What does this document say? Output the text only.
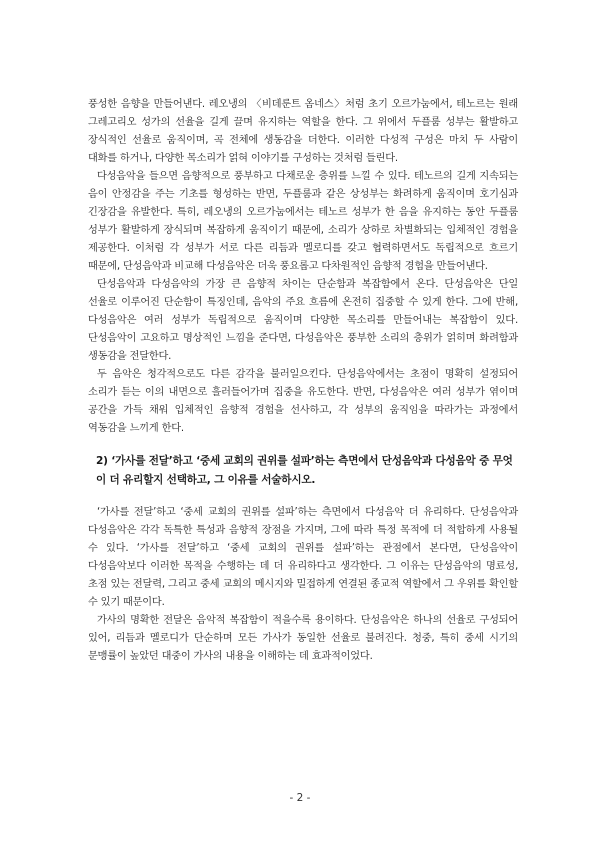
풍성한 음향을 만들어낸다. 레오냉의 〈비데룬트 옴네스〉처럼 초기 오르가눔에서, 테노르는 원래 그레고리오 성가의 선율을 길게 끌며 유지하는 역할을 한다. 그 위에서 두플룸 성부는 활발하고 장식적인 선율로 움직이며, 곡 전체에 생동감을 더한다. 이러한 다성적 구성은 마치 두 사람이 대화를 하거나, 다양한 목소리가 얽혀 이야기를 구성하는 것처럼 들린다.

다성음악을 들으면 음향적으로 풍부하고 다채로운 층위를 느낄 수 있다. 테노르의 길게 지속되는 음이 안정감을 주는 기초를 형성하는 반면, 두플룸과 같은 상성부는 화려하게 움직이며 호기심과 긴장감을 유발한다. 특히, 레오냉의 오르가눔에서는 테노르 성부가 한 음을 유지하는 동안 두플룸 성부가 활발하게 장식되며 복잡하게 움직이기 때문에, 소리가 상하로 차별화되는 입체적인 경험을 제공한다. 이처럼 각 성부가 서로 다른 리듬과 멜로디를 갖고 협력하면서도 독립적으로 흐르기 때문에, 단성음악과 비교해 다성음악은 더욱 풍요롭고 다차원적인 음향적 경험을 만들어낸다.

단성음악과 다성음악의 가장 큰 음향적 차이는 단순함과 복잡함에서 온다. 단성음악은 단일 선율로 이루어진 단순함이 특징인데, 음악의 주요 흐름에 온전히 집중할 수 있게 한다. 그에 반해, 다성음악은 여러 성부가 독립적으로 움직이며 다양한 목소리를 만들어내는 복잡함이 있다. 단성음악이 고요하고 명상적인 느낌을 준다면, 다성음악은 풍부한 소리의 층위가 얽히며 화려함과 생동감을 전달한다.

두 음악은 청각적으로도 다른 감각을 불러일으킨다. 단성음악에서는 초점이 명확히 설정되어 소리가 듣는 이의 내면으로 흘러들어가며 집중을 유도한다. 반면, 다성음악은 여러 성부가 엮이며 공간을 가득 채워 입체적인 음향적 경험을 선사하고, 각 성부의 움직임을 따라가는 과정에서 역동감을 느끼게 한다.

2) ‘가사를 전달’하고 ‘중세 교회의 권위를 설파’하는 측면에서 단성음악과 다성음악 중 무엇이 더 유리할지 선택하고, 그 이유를 서술하시오.

‘가사를 전달’하고 ‘중세 교회의 권위를 설파’하는 측면에서 다성음악 더 유리하다. 단성음악과 다성음악은 각각 독특한 특성과 음향적 장점을 가지며, 그에 따라 특정 목적에 더 적합하게 사용될 수 있다. ‘가사를 전달’하고 ‘중세 교회의 권위를 설파’하는 관점에서 본다면, 단성음악이 다성음악보다 이러한 목적을 수행하는 데 더 유리하다고 생각한다. 그 이유는 단성음악의 명료성, 초점 있는 전달력, 그리고 중세 교회의 메시지와 밀접하게 연결된 종교적 역할에서 그 우위를 확인할 수 있기 때문이다.

가사의 명확한 전달은 음악적 복잡함이 적을수록 용이하다. 단성음악은 하나의 선율로 구성되어 있어, 리듬과 멜로디가 단순하며 모든 가사가 동일한 선율로 불려진다. 청중, 특히 중세 시기의 문맹률이 높았던 대중이 가사의 내용을 이해하는 데 효과적이었다.

- 2 -
